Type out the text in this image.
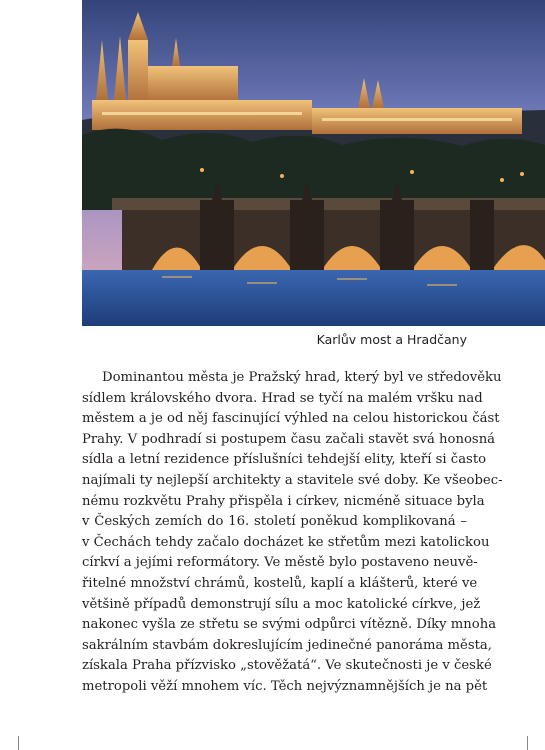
Karlův most a Hradčany
Dominantou města je Pražský hrad, který byl ve středověku
sídlem královského dvora. Hrad se tyčí na malém vršku nad
městem a je od něj fascinující výhled na celou historickou část
Prahy. V podhradí si postupem času začali stavět svá honosná
sídla a letní rezidence příslušníci tehdejší elity, kteří si často
najímali ty nejlepší architekty a stavitele své doby. Ke všeobec-
nému rozkvětu Prahy přispěla i církev, nicméně situace byla
v Českých zemích do 16. století poněkud komplikovaná –
v Čechách tehdy začalo docházet ke střetům mezi katolickou
církví a jejími reformátory. Ve městě bylo postaveno neuvě-
řitelné množství chrámů, kostelů, kaplí a klášterů, které ve
většině případů demonstrují sílu a moc katolické církve, jež
nakonec vyšla ze střetu se svými odpůrci vítězně. Díky mnoha
sakrálním stavbám dokreslujícím jedinečné panoráma města,
získala Praha přízvisko „stověžatá“. Ve skutečnosti je v české
metropoli věží mnohem víc. Těch nejvýznamnějších je na pět
